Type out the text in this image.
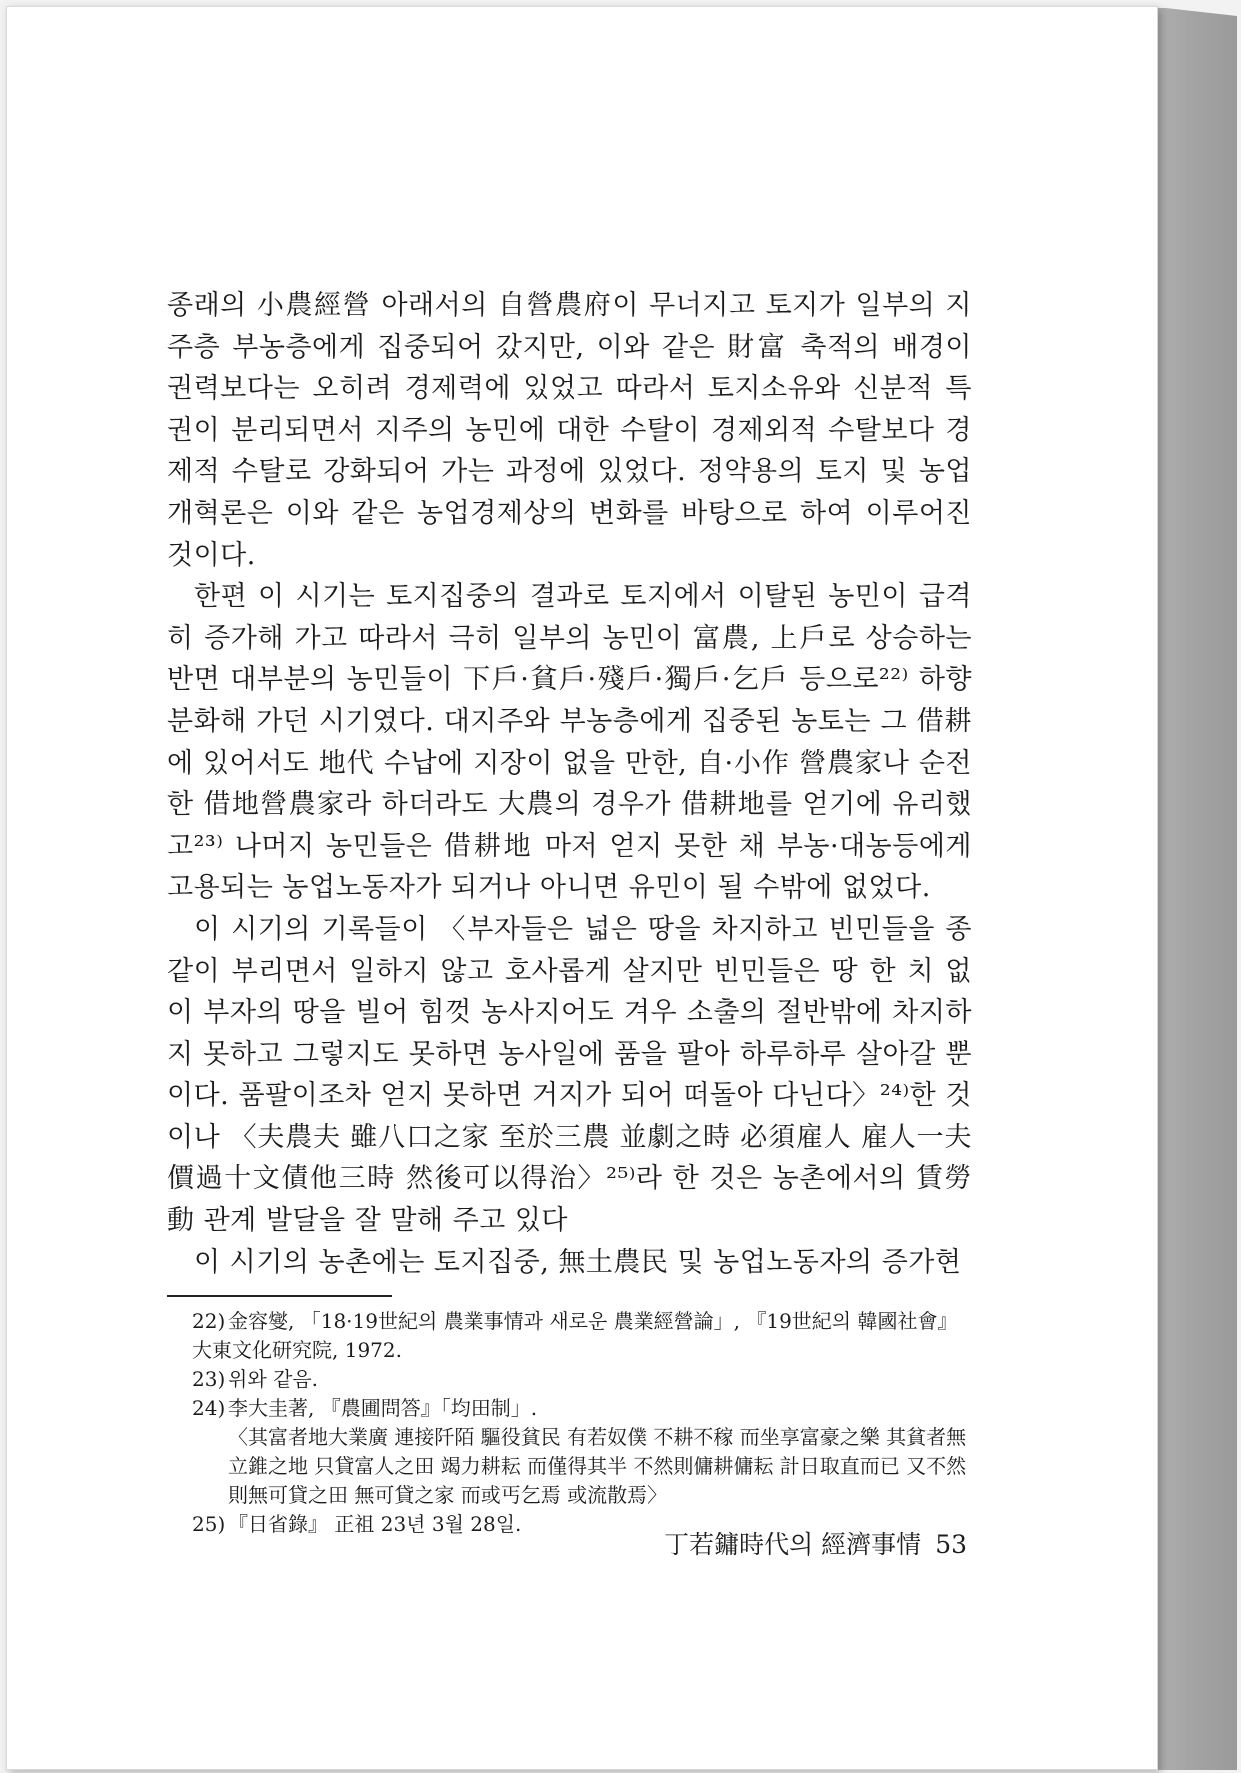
종래의 小農經營 아래서의 自營農府이 무너지고 토지가 일부의 지주층 부농층에게 집중되어 갔지만, 이와 같은 財富 축적의 배경이 권력보다는 오히려 경제력에 있었고 따라서 토지소유와 신분적 특권이 분리되면서 지주의 농민에 대한 수탈이 경제외적 수탈보다 경제적 수탈로 강화되어 가는 과정에 있었다. 정약용의 토지 및 농업개혁론은 이와 같은 농업경제상의 변화를 바탕으로 하여 이루어진 것이다.

한편 이 시기는 토지집중의 결과로 토지에서 이탈된 농민이 급격히 증가해 가고 따라서 극히 일부의 농민이 富農, 上戶로 상승하는 반면 대부분의 농민들이 下戶·貧戶·殘戶·獨戶·乞戶 등으로²²⁾ 하향분화해 가던 시기였다. 대지주와 부농층에게 집중된 농토는 그 借耕에 있어서도 地代 수납에 지장이 없을 만한, 自·小作 營農家나 순전한 借地營農家라 하더라도 大農의 경우가 借耕地를 얻기에 유리했고²³⁾ 나머지 농민들은 借耕地 마저 얻지 못한 채 부농·대농등에게 고용되는 농업노동자가 되거나 아니면 유민이 될 수밖에 없었다.

이 시기의 기록들이 〈부자들은 넓은 땅을 차지하고 빈민들을 종같이 부리면서 일하지 않고 호사롭게 살지만 빈민들은 땅 한 치 없이 부자의 땅을 빌어 힘껏 농사지어도 겨우 소출의 절반밖에 차지하지 못하고 그렇지도 못하면 농사일에 품을 팔아 하루하루 살아갈 뿐이다. 품팔이조차 얻지 못하면 거지가 되어 떠돌아 다닌다〉²⁴⁾한 것이나 〈夫農夫 雖八口之家 至於三農 並劇之時 必須雇人 雇人一夫價過十文債他三時 然後可以得治〉²⁵⁾라 한 것은 농촌에서의 賃勞動 관계 발달을 잘 말해 주고 있다

이 시기의 농촌에는 토지집중, 無土農民 및 농업노동자의 증가현

22) 金容燮, 「18·19世紀의 農業事情과 새로운 農業經營論」, 『19世紀의 韓國社會』 大東文化研究院, 1972.

23) 위와 같음.

24) 李大圭著, 『農圃問答』「均田制」.

〈其富者地大業廣 連接阡陌 驅役貧民 有若奴僕 不耕不稼 而坐享富豪之樂 其貧者無立錐之地 只貸富人之田 竭力耕耘 而僅得其半 不然則傭耕傭耘 計日取直而已 又不然則無可貸之田 無可貸之家 而或丐乞焉 或流散焉〉

25) 『日省錄』 正祖 23년 3월 28일.

丁若鏞時代의 經濟事情 53
